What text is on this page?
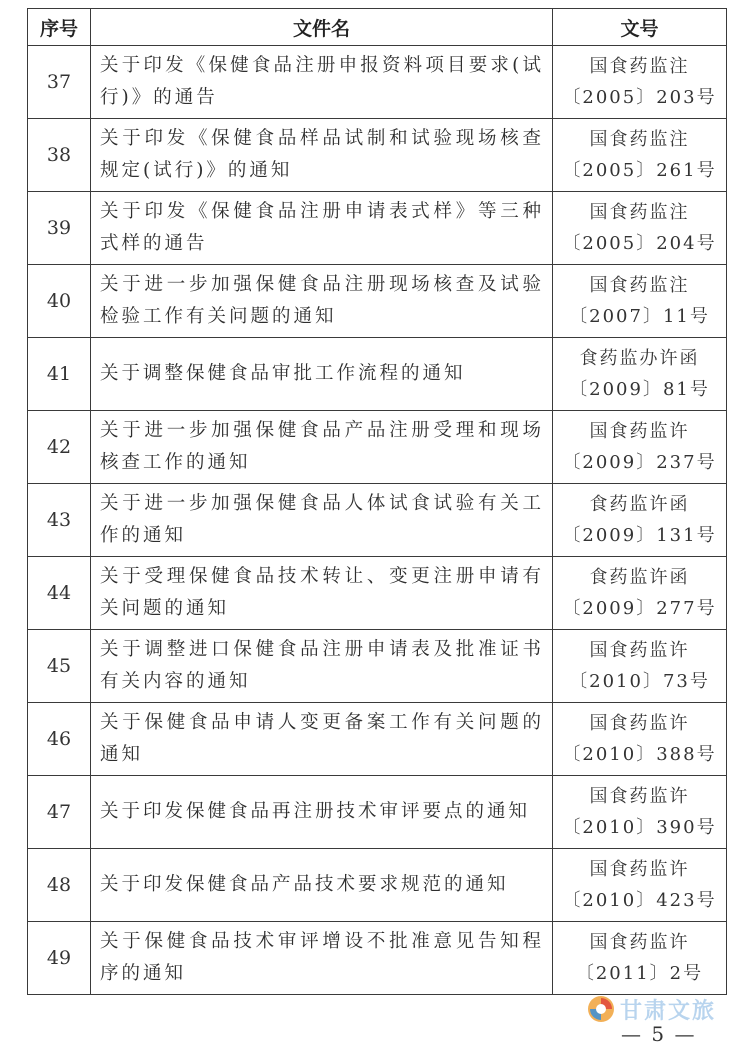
序号	文件名	文号
37	关于印发《保健食品注册申报资料项目要求(试行)》的通告	国食药监注
〔2005〕203号

38	关于印发《保健食品样品试制和试验现场核查规定(试行)》的通知	国食药监注
〔2005〕261号

39	关于印发《保健食品注册申请表式样》等三种式样的通告	国食药监注
〔2005〕204号

40	关于进一步加强保健食品注册现场核查及试验检验工作有关问题的通知	国食药监注
〔2007〕11号

41	关于调整保健食品审批工作流程的通知	食药监办许函
〔2009〕81号

42	关于进一步加强保健食品产品注册受理和现场核查工作的通知	国食药监许
〔2009〕237号

43	关于进一步加强保健食品人体试食试验有关工作的通知	食药监许函
〔2009〕131号

44	关于受理保健食品技术转让、变更注册申请有关问题的通知	食药监许函
〔2009〕277号

45	关于调整进口保健食品注册申请表及批准证书有关内容的通知	国食药监许
〔2010〕73号

46	关于保健食品申请人变更备案工作有关问题的通知	国食药监许
〔2010〕388号

47	关于印发保健食品再注册技术审评要点的通知	国食药监许
〔2010〕390号

48	关于印发保健食品产品技术要求规范的通知	国食药监许
〔2010〕423号

49	关于保健食品技术审评增设不批准意见告知程序的通知	国食药监许
〔2011〕2号
甘肃文旅
— 5 —
